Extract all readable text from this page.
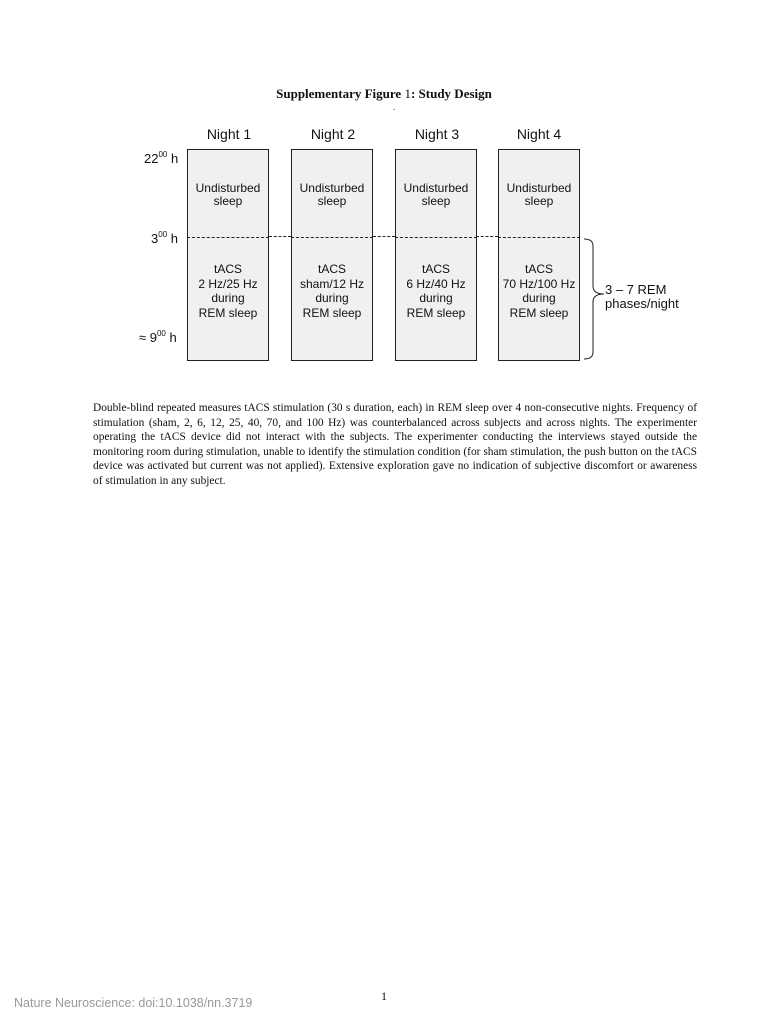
Supplementary Figure 1: Study Design
.
$22^{00}$ h
$3^{00}$ h
≈ $9^{00}$ h
Night 1	Night 2	Night 3	Night 4
Undisturbed
sleep
tACS
2 Hz/25 Hz
during
REM sleep
Undisturbed
sleep
tACS
sham/12 Hz
during
REM sleep
Undisturbed
sleep
tACS
6 Hz/40 Hz
during
REM sleep
Undisturbed
sleep
tACS
70 Hz/100 Hz
during
REM sleep
3 – 7 REM
phases/night
Double-blind repeated measures tACS stimulation (30 s duration, each) in REM sleep over 4 non-consecutive nights. Frequency of stimulation (sham, 2, 6, 12, 25, 40, 70, and 100 Hz) was counterbalanced across subjects and across nights. The experimenter operating the tACS device did not interact with the subjects. The experimenter conducting the interviews stayed outside the monitoring room during stimulation, unable to identify the stimulation condition (for sham stimulation, the push button on the tACS device was activated but current was not applied). Extensive exploration gave no indication of subjective discomfort or awareness of stimulation in any subject.
1
Nature Neuroscience: doi:10.1038/nn.3719
